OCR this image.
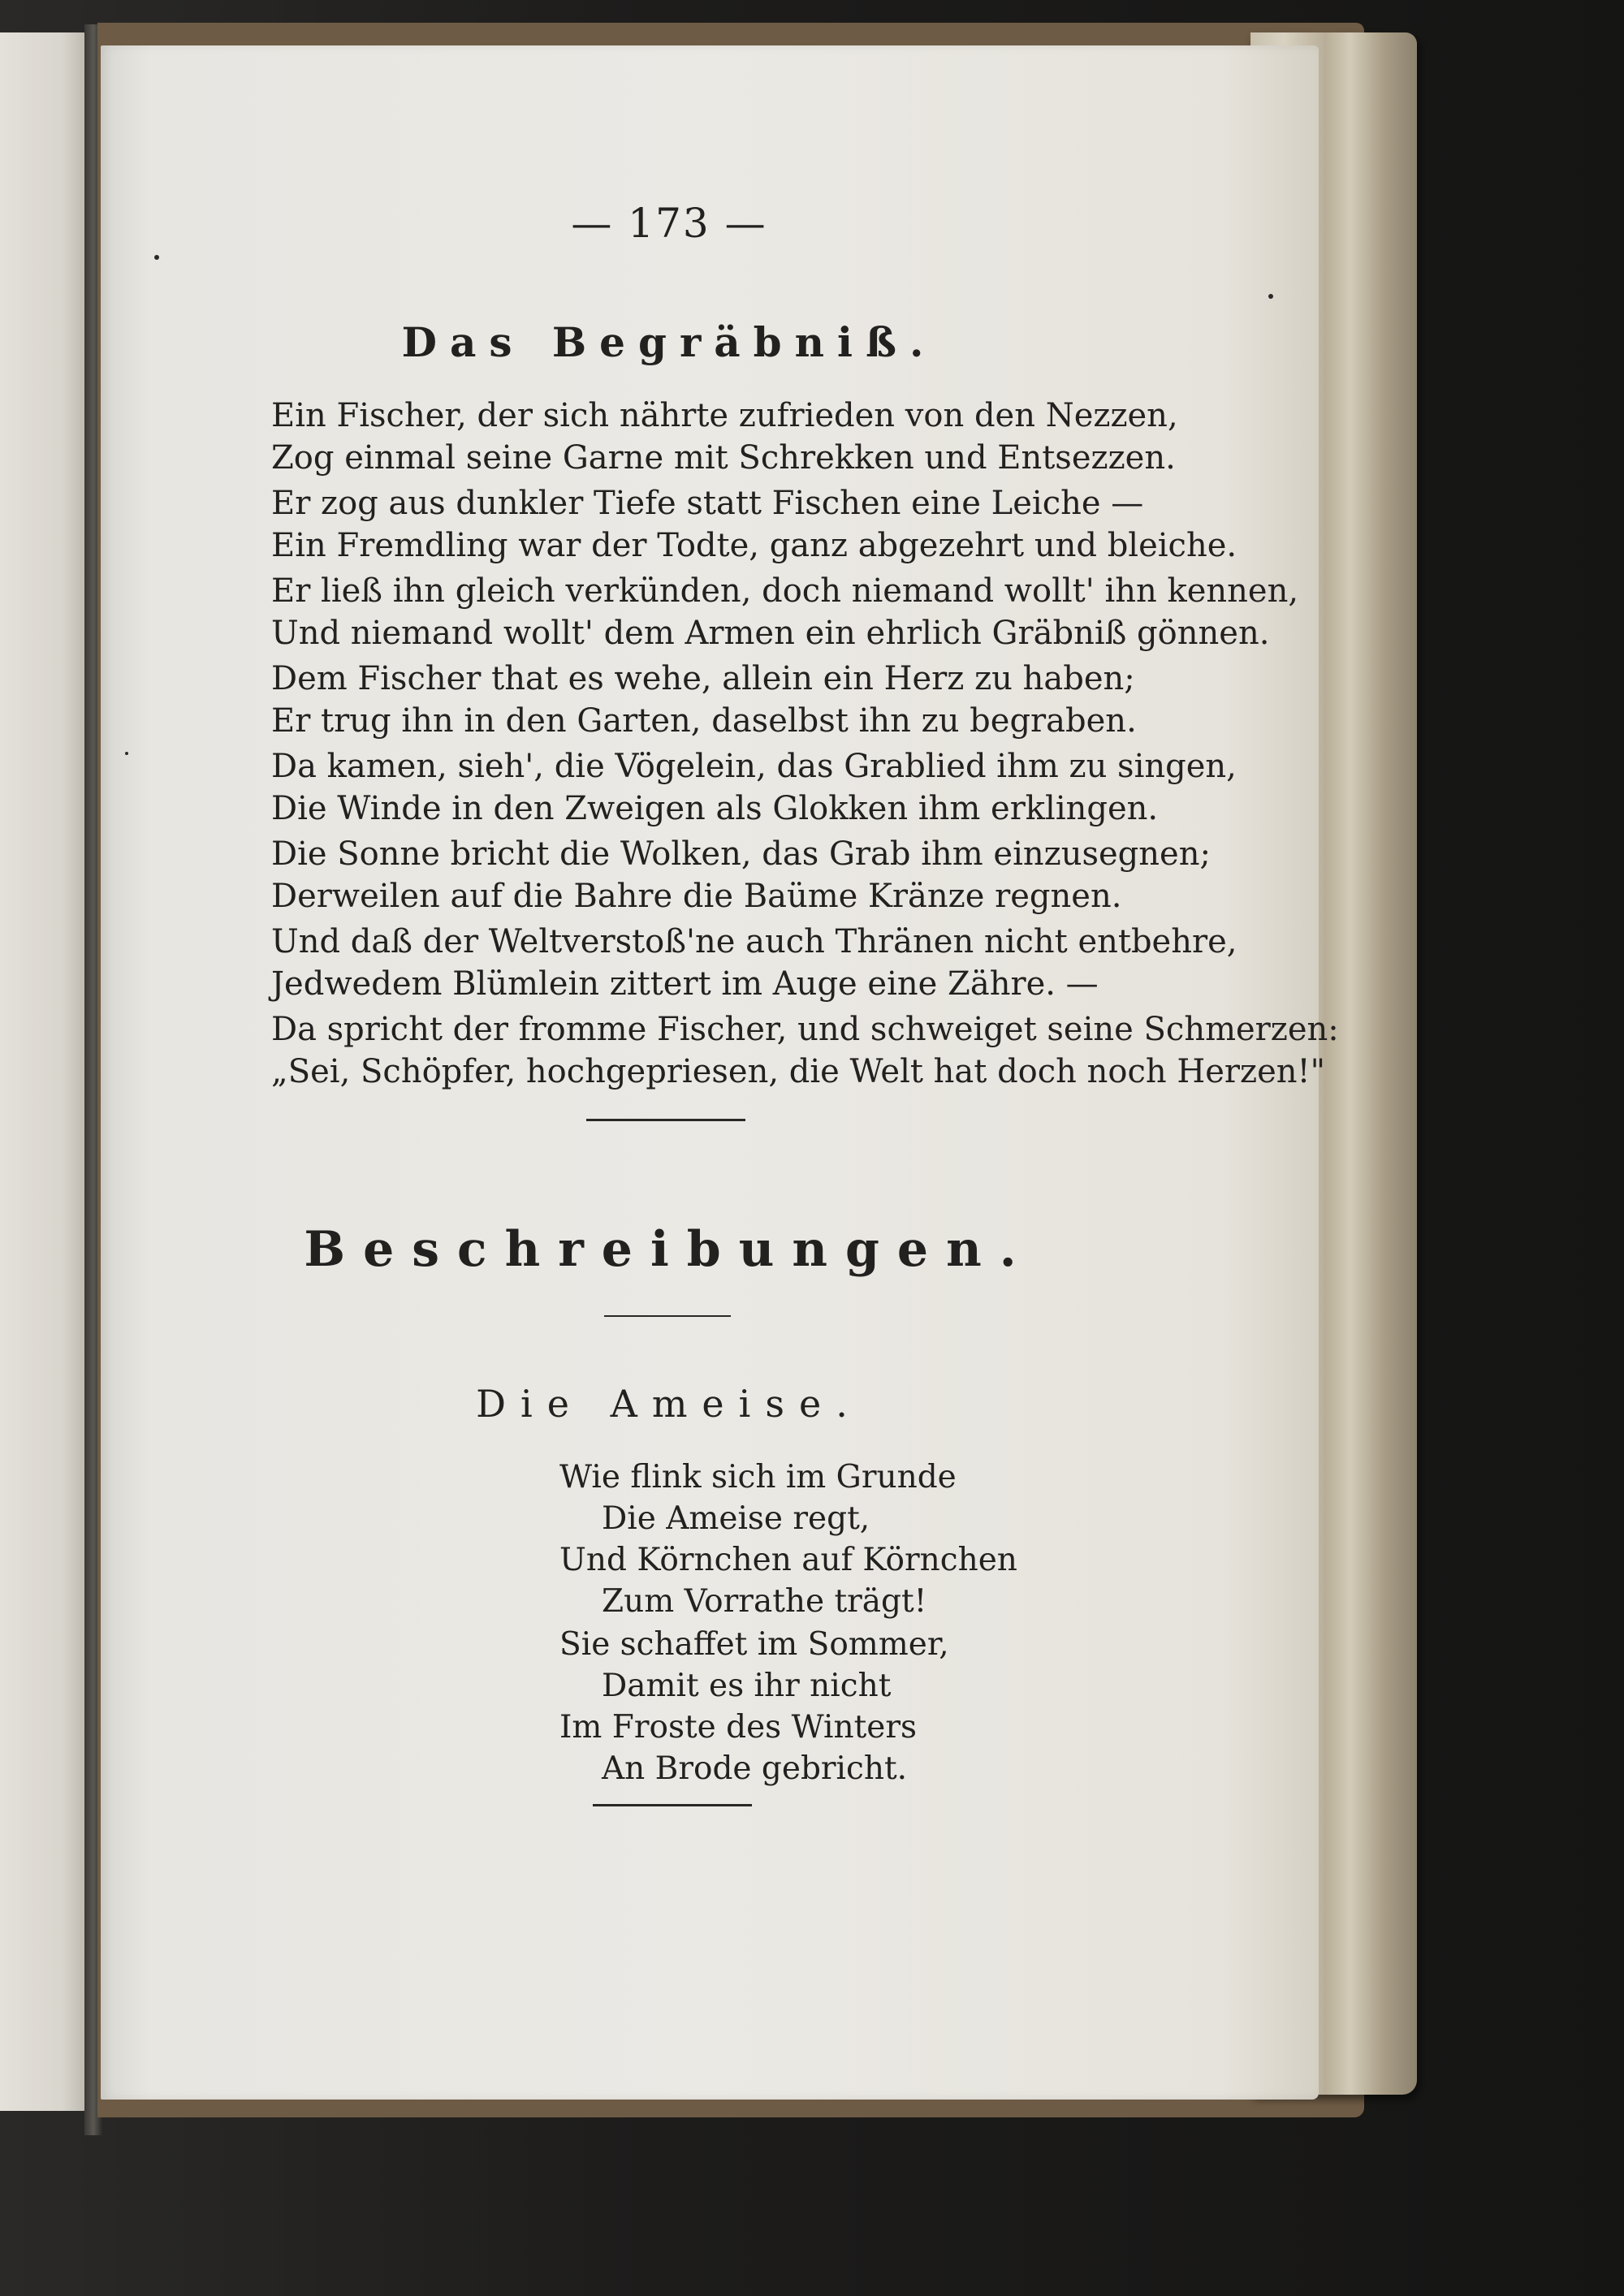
— 173 —
Das Begräbniß.
Ein Fischer, der sich nährte zufrieden von den Nezzen,
Zog einmal seine Garne mit Schrekken und Entsezzen.
Er zog aus dunkler Tiefe statt Fischen eine Leiche —
Ein Fremdling war der Todte, ganz abgezehrt und bleiche.
Er ließ ihn gleich verkünden, doch niemand wollt' ihn kennen,
Und niemand wollt' dem Armen ein ehrlich Gräbniß gönnen.
Dem Fischer that es wehe, allein ein Herz zu haben;
Er trug ihn in den Garten, daselbst ihn zu begraben.
Da kamen, sieh', die Vögelein, das Grablied ihm zu singen,
Die Winde in den Zweigen als Glokken ihm erklingen.
Die Sonne bricht die Wolken, das Grab ihm einzusegnen;
Derweilen auf die Bahre die Baüme Kränze regnen.
Und daß der Weltverstoß'ne auch Thränen nicht entbehre,
Jedwedem Blümlein zittert im Auge eine Zähre. —
Da spricht der fromme Fischer, und schweiget seine Schmerzen:
„Sei, Schöpfer, hochgepriesen, die Welt hat doch noch Herzen!"
Beschreibungen.
Die Ameise.
Wie flink sich im Grunde
Die Ameise regt,
Und Körnchen auf Körnchen
Zum Vorrathe trägt!
Sie schaffet im Sommer,
Damit es ihr nicht
Im Froste des Winters
An Brode gebricht.
